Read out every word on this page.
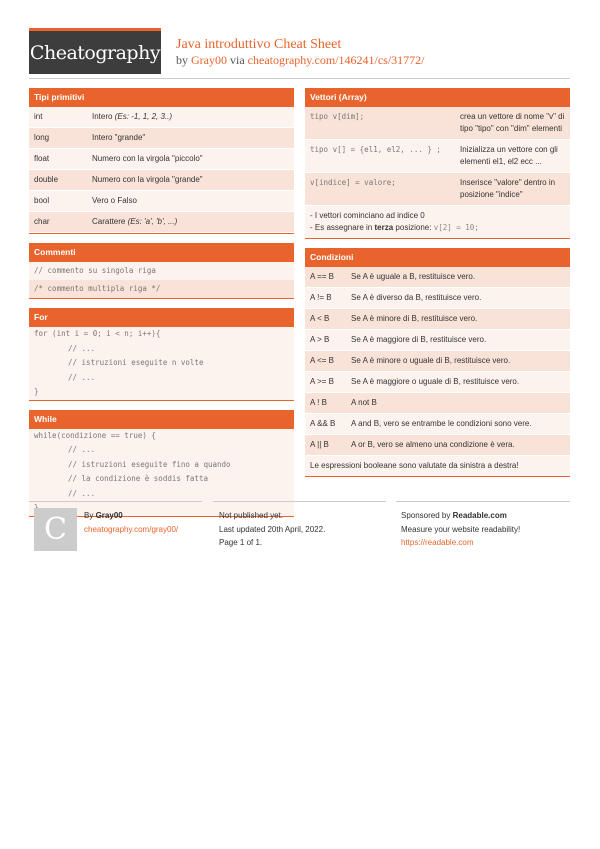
Cheatography Java introduttivo Cheat Sheet
by Gray00 via cheatography.com/146241/cs/31772/
Tipi primitivi
int	Intero (Es: -1, 1, 2, 3..)
long	Intero "grande"
float	Numero con la virgola "piccolo"
double	Numero con la virgola "grande"
bool	Vero o Falso
char	Carattere (Es: 'a', 'b', ...)
Commenti
// commento su singola riga
/* commento multipla riga */
For
for (int i = 0; i < n; i++){
// ...
// istruzioni eseguite n volte
// ...
}
While
while(condizione == true) {
// ...
// istruzioni eseguite fino a quando
// la condizione è soddis fatta
// ...
Vettori (Array)
tipo v[dim];	crea un vettore di nome "v" di tipo "tipo" con "dim" elementi
tipo v[] = {el1, el2, ... } ;	Inizializza un vettore con gli elementi el1, el2 ecc ...
v[indice] = valore;	Inserisce "valore" dentro in posizione "indice"
- I vettori cominciano ad indice 0
- Es assegnare in terza posizione: v[2] = 10;
Condizioni
A == B	Se A è uguale a B, restituisce vero.
A != B	Se A è diverso da B, restituisce vero.
A < B	Se A è minore di B, restituisce vero.
A > B	Se A è maggiore di B, restituisce vero.
A <= B	Se A è minore o uguale di B, restituisce vero.
A >= B	Se A è maggiore o uguale di B, restituisce vero.
A ! B	A not B
A && B	A and B, vero se entrambe le condizioni sono vere.
A || B	A or B, vero se almeno una condizione è vera.
Le espressioni booleane sono valutate da sinistra a destra!
C By Gray00
cheatography.com/gray00/
Not published yet.
Last updated 20th April, 2022.
Page 1 of 1.
Sponsored by Readable.com
Measure your website readability!
https://readable.com
